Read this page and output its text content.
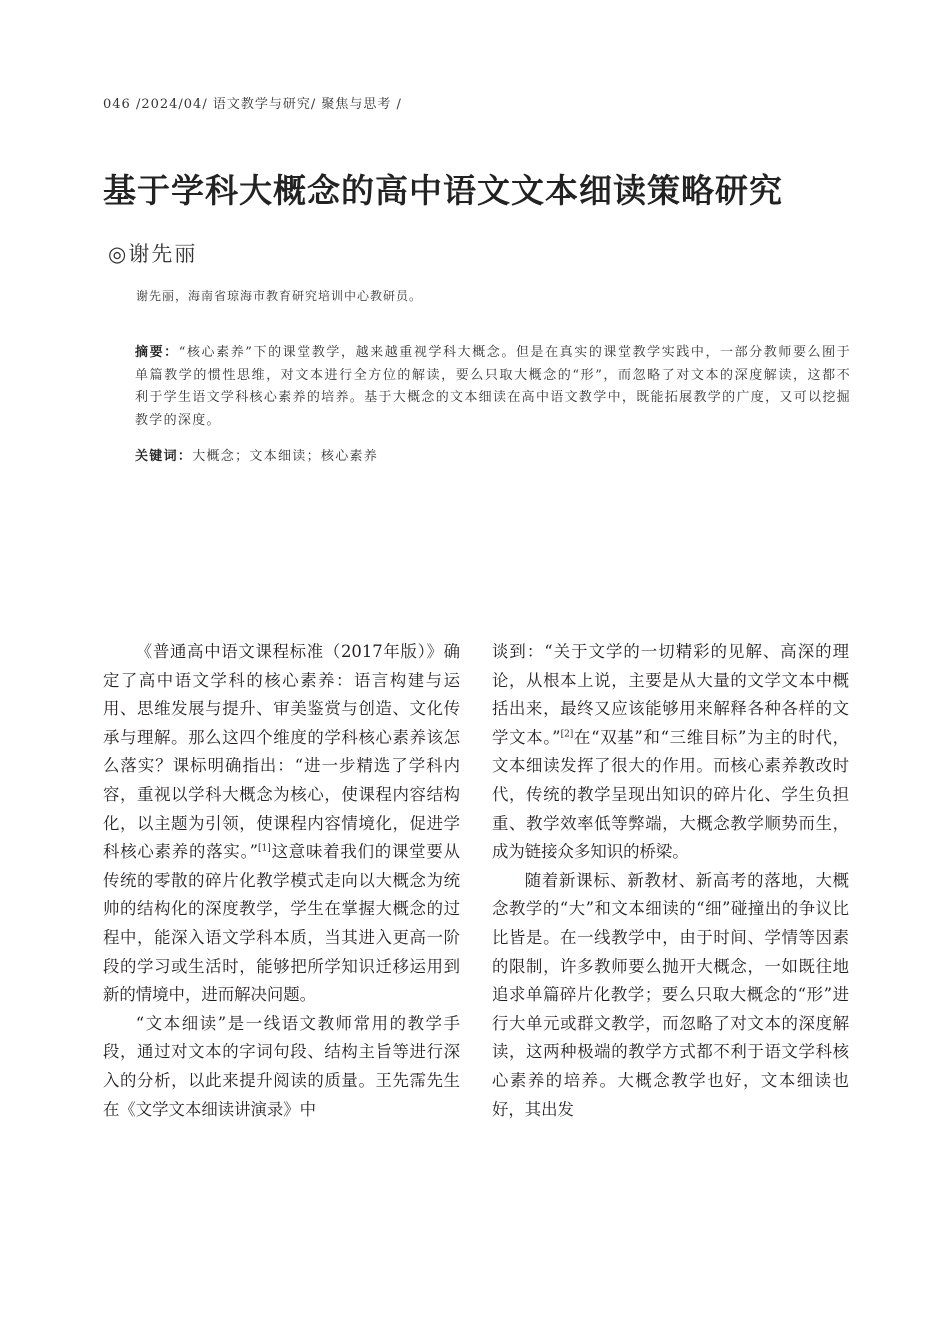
046 /2024/04/ 语文教学与研究/ 聚焦与思考 /
基于学科大概念的高中语文文本细读策略研究
◎谢先丽
谢先丽，海南省琼海市教育研究培训中心教研员。
摘要：“核心素养”下的课堂教学，越来越重视学科大概念。但是在真实的课堂教学实践中，一部分教师要么囿于单篇教学的惯性思维，对文本进行全方位的解读，要么只取大概念的“形”，而忽略了对文本的深度解读，这都不利于学生语文学科核心素养的培养。基于大概念的文本细读在高中语文教学中，既能拓展教学的广度，又可以挖掘教学的深度。
关键词：大概念；文本细读；核心素养

《普通高中语文课程标准（2017年版）》确定了高中语文学科的核心素养：语言构建与运用、思维发展与提升、审美鉴赏与创造、文化传承与理解。那么这四个维度的学科核心素养该怎么落实？课标明确指出：“进一步精选了学科内容，重视以学科大概念为核心，使课程内容结构化，以主题为引领，使课程内容情境化，促进学科核心素养的落实。”[1]这意味着我们的课堂要从传统的零散的碎片化教学模式走向以大概念为统帅的结构化的深度教学，学生在掌握大概念的过程中，能深入语文学科本质，当其进入更高一阶段的学习或生活时，能够把所学知识迁移运用到新的情境中，进而解决问题。

“文本细读”是一线语文教师常用的教学手段，通过对文本的字词句段、结构主旨等进行深入的分析，以此来提升阅读的质量。王先霈先生在《文学文本细读讲演录》中

谈到：“关于文学的一切精彩的见解、高深的理论，从根本上说，主要是从大量的文学文本中概括出来，最终又应该能够用来解释各种各样的文学文本。”[2]在“双基”和“三维目标”为主的时代，文本细读发挥了很大的作用。而核心素养教改时代，传统的教学呈现出知识的碎片化、学生负担重、教学效率低等弊端，大概念教学顺势而生，成为链接众多知识的桥梁。

随着新课标、新教材、新高考的落地，大概念教学的“大”和文本细读的“细”碰撞出的争议比比皆是。在一线教学中，由于时间、学情等因素的限制，许多教师要么抛开大概念，一如既往地追求单篇碎片化教学；要么只取大概念的“形”进行大单元或群文教学，而忽略了对文本的深度解读，这两种极端的教学方式都不利于语文学科核心素养的培养。大概念教学也好，文本细读也好，其出发
